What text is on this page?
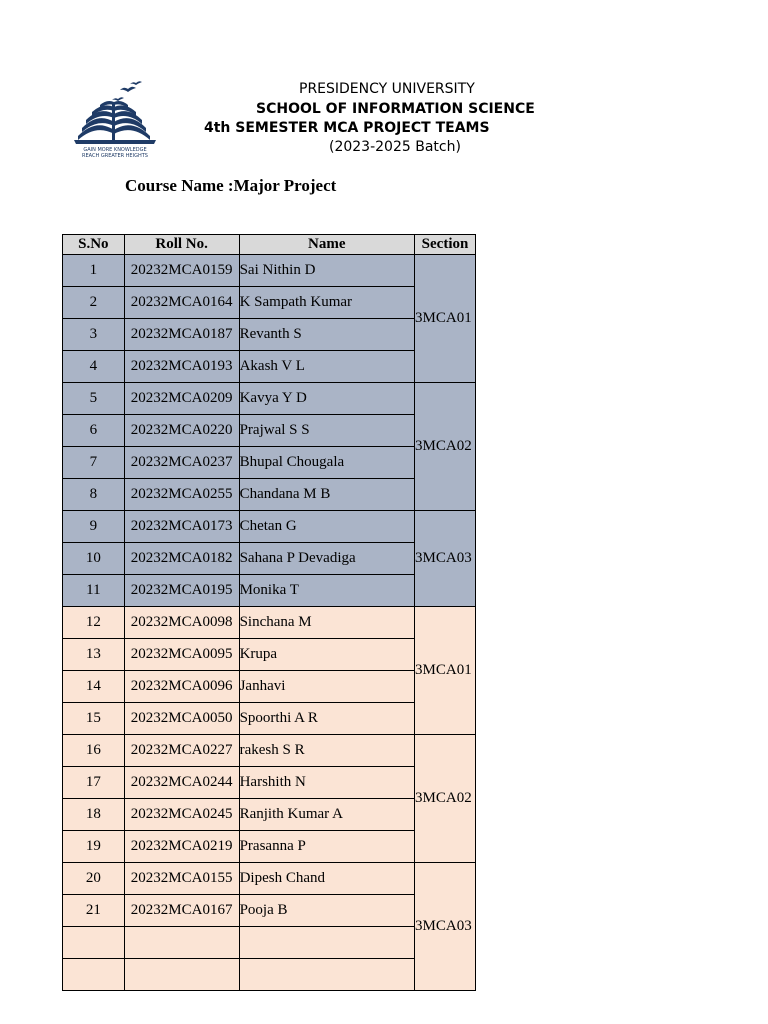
GAIN MORE KNOWLEDGE
REACH GREATER HEIGHTS
PRESIDENCY UNIVERSITY
SCHOOL OF INFORMATION SCIENCE
4th SEMESTER MCA PROJECT TEAMS
(2023-2025 Batch)
Course Name :Major Project
S.No	Roll No.	Name	Section
1	20232MCA0159	Sai Nithin D	3MCA01
2	20232MCA0164	K Sampath Kumar	
3	20232MCA0187	Revanth S	
4	20232MCA0193	Akash V L	
5	20232MCA0209	Kavya Y D	3MCA02
6	20232MCA0220	Prajwal S S	
7	20232MCA0237	Bhupal Chougala	
8	20232MCA0255	Chandana M B	
9	20232MCA0173	Chetan G	3MCA03
10	20232MCA0182	Sahana P Devadiga	
11	20232MCA0195	Monika T	
12	20232MCA0098	Sinchana M	3MCA01
13	20232MCA0095	Krupa	
14	20232MCA0096	Janhavi	
15	20232MCA0050	Spoorthi A R	
16	20232MCA0227	rakesh S R	3MCA02
17	20232MCA0244	Harshith N	
18	20232MCA0245	Ranjith Kumar A	
19	20232MCA0219	Prasanna P	
20	20232MCA0155	Dipesh Chand	3MCA03
21	20232MCA0167	Pooja B	
